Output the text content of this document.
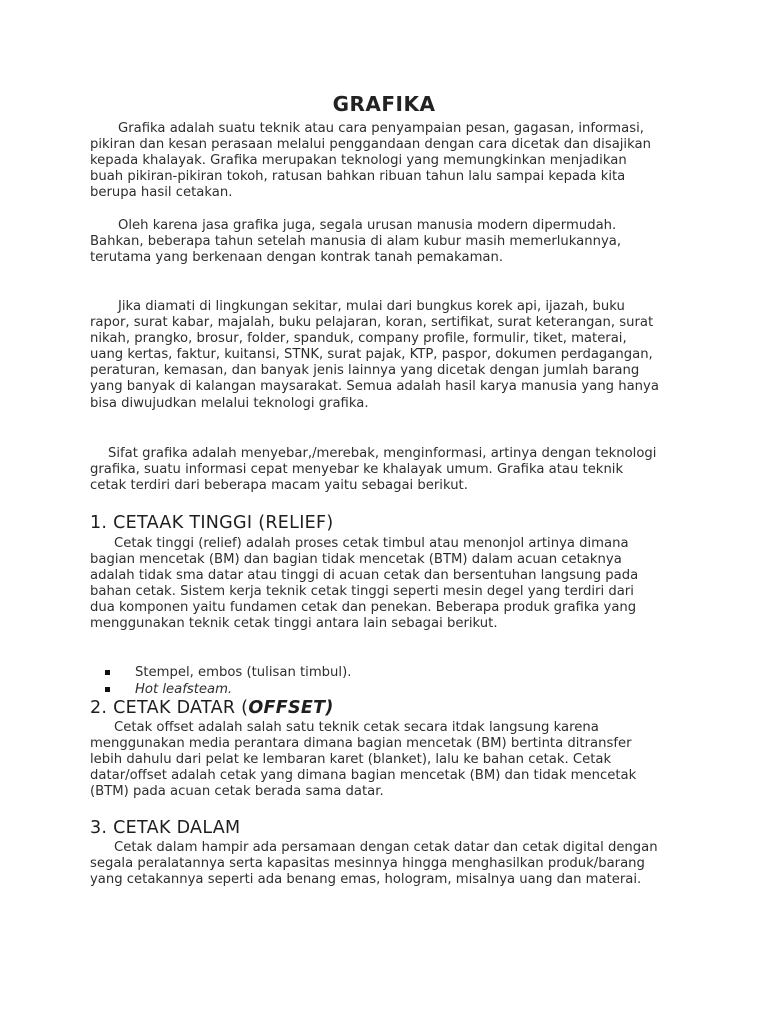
GRAFIKA
Grafika adalah suatu teknik atau cara penyampaian pesan, gagasan, informasi, pikiran dan kesan perasaan melalui penggandaan dengan cara dicetak dan disajikan kepada khalayak. Grafika merupakan teknologi yang memungkinkan menjadikan buah pikiran-pikiran tokoh, ratusan bahkan ribuan tahun lalu sampai kepada kita berupa hasil cetakan.
Oleh karena jasa grafika juga, segala urusan manusia modern dipermudah. Bahkan, beberapa tahun setelah manusia di alam kubur masih memerlukannya, terutama yang berkenaan dengan kontrak tanah pemakaman.
Jika diamati di lingkungan sekitar, mulai dari bungkus korek api, ijazah, buku rapor, surat kabar, majalah, buku pelajaran, koran, sertifikat, surat keterangan, surat nikah, prangko, brosur, folder, spanduk, company profile, formulir, tiket, materai, uang kertas, faktur, kuitansi, STNK, surat pajak, KTP, paspor, dokumen perdagangan, peraturan, kemasan, dan banyak jenis lainnya yang dicetak dengan jumlah barang yang banyak di kalangan maysarakat. Semua adalah hasil karya manusia yang hanya bisa diwujudkan melalui teknologi grafika.
Sifat grafika adalah menyebar,/merebak, menginformasi, artinya dengan teknologi grafika, suatu informasi cepat menyebar ke khalayak umum. Grafika atau teknik cetak terdiri dari beberapa macam yaitu sebagai berikut.
1. CETAAK TINGGI (RELIEF)
Cetak tinggi (relief) adalah proses cetak timbul atau menonjol artinya dimana bagian mencetak (BM) dan bagian tidak mencetak (BTM) dalam acuan cetaknya adalah tidak sma datar atau tinggi di acuan cetak dan bersentuhan langsung pada bahan cetak. Sistem kerja teknik cetak tinggi seperti mesin degel yang terdiri dari dua komponen yaitu fundamen cetak dan penekan. Beberapa produk grafika yang menggunakan teknik cetak tinggi antara lain sebagai berikut.
Stempel, embos (tulisan timbul).
Hot leafsteam.
2. CETAK DATAR (OFFSET)
Cetak offset adalah salah satu teknik cetak secara itdak langsung karena menggunakan media perantara dimana bagian mencetak (BM) bertinta ditransfer lebih dahulu dari pelat ke lembaran karet (blanket), lalu ke bahan cetak. Cetak datar/offset adalah cetak yang dimana bagian mencetak (BM) dan tidak mencetak (BTM) pada acuan cetak berada sama datar.
3. CETAK DALAM
Cetak dalam hampir ada persamaan dengan cetak datar dan cetak digital dengan segala peralatannya serta kapasitas mesinnya hingga menghasilkan produk/barang yang cetakannya seperti ada benang emas, hologram, misalnya uang dan materai.
